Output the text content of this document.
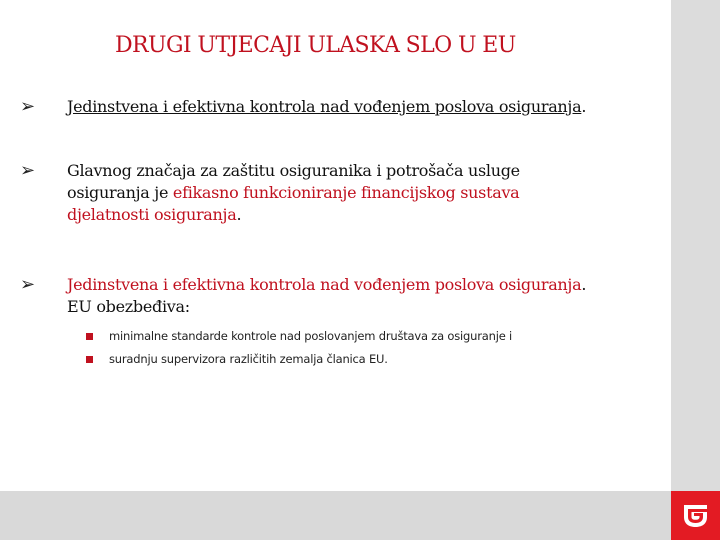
DRUGI UTJECAJI ULASKA SLO U EU
➢	Jedinstvena i efektivna kontrola nad vođenjem poslova osiguranja.
➢	Glavnog značaja za zaštitu osiguranika i potrošača usluge
osiguranja je efikasno funkcioniranje financijskog sustava
djelatnosti osiguranja.
➢	Jedinstvena i efektivna kontrola nad vođenjem poslova osiguranja.
EU obezbeđiva:
minimalne standarde kontrole nad poslovanjem društava za osiguranje i
suradnju supervizora različitih zemalja članica EU.
